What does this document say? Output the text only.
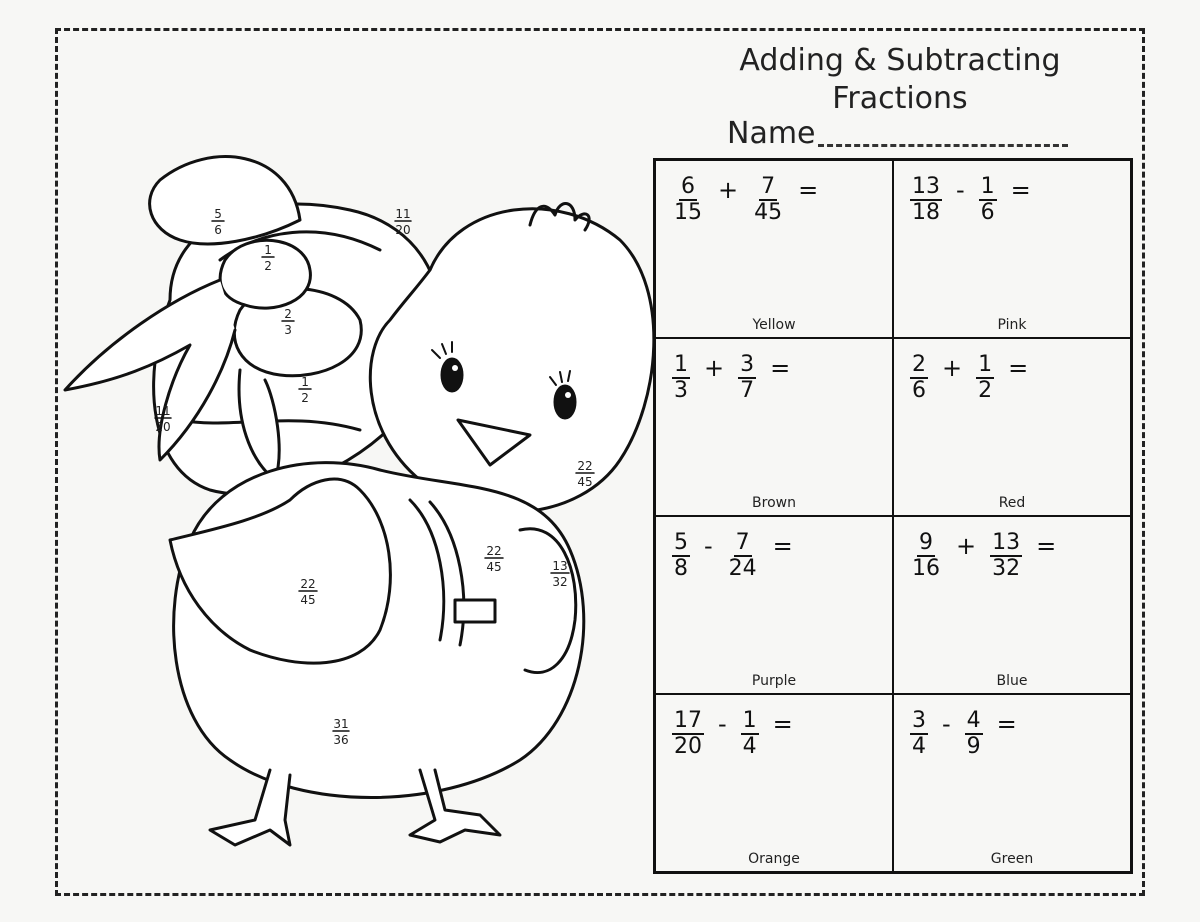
Adding & Subtracting
Fractions
Name
$\frac{6}{15} + \frac{7}{45}$ =
Yellow
$\frac{13}{18} - \frac{1}{6}$ =
Pink
$\frac{1}{3} + \frac{3}{7}$ =
Brown
$\frac{2}{6} + \frac{1}{2}$ =
Red
$\frac{5}{8} - \frac{7}{24}$ =
Purple
$\frac{9}{16} + \frac{13}{32}$ =
Blue
$\frac{17}{20} - \frac{1}{4}$ =
Orange
$\frac{3}{4} - \frac{4}{9}$ =
Green
5
6
11
20
1
2
2
3
1
2
22
45
22
45
22
45	13
32
11
20
31
36
